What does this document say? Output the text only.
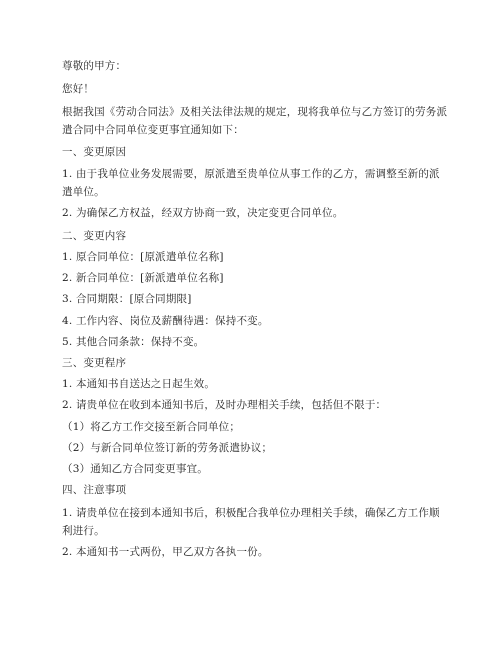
尊敬的甲方：
您好！
根据我国《劳动合同法》及相关法律法规的规定，现将我单位与乙方签订的劳务派遣合同中合同单位变更事宜通知如下：
一、变更原因
1. 由于我单位业务发展需要，原派遣至贵单位从事工作的乙方，需调整至新的派遣单位。
2. 为确保乙方权益，经双方协商一致，决定变更合同单位。
二、变更内容
1. 原合同单位：[原派遣单位名称]
2. 新合同单位：[新派遣单位名称]
3. 合同期限：[原合同期限]
4. 工作内容、岗位及薪酬待遇：保持不变。
5. 其他合同条款：保持不变。
三、变更程序
1. 本通知书自送达之日起生效。
2. 请贵单位在收到本通知书后，及时办理相关手续，包括但不限于：
（1）将乙方工作交接至新合同单位；
（2）与新合同单位签订新的劳务派遣协议；
（3）通知乙方合同变更事宜。
四、注意事项
1. 请贵单位在接到本通知书后，积极配合我单位办理相关手续，确保乙方工作顺利进行。
2. 本通知书一式两份，甲乙双方各执一份。
